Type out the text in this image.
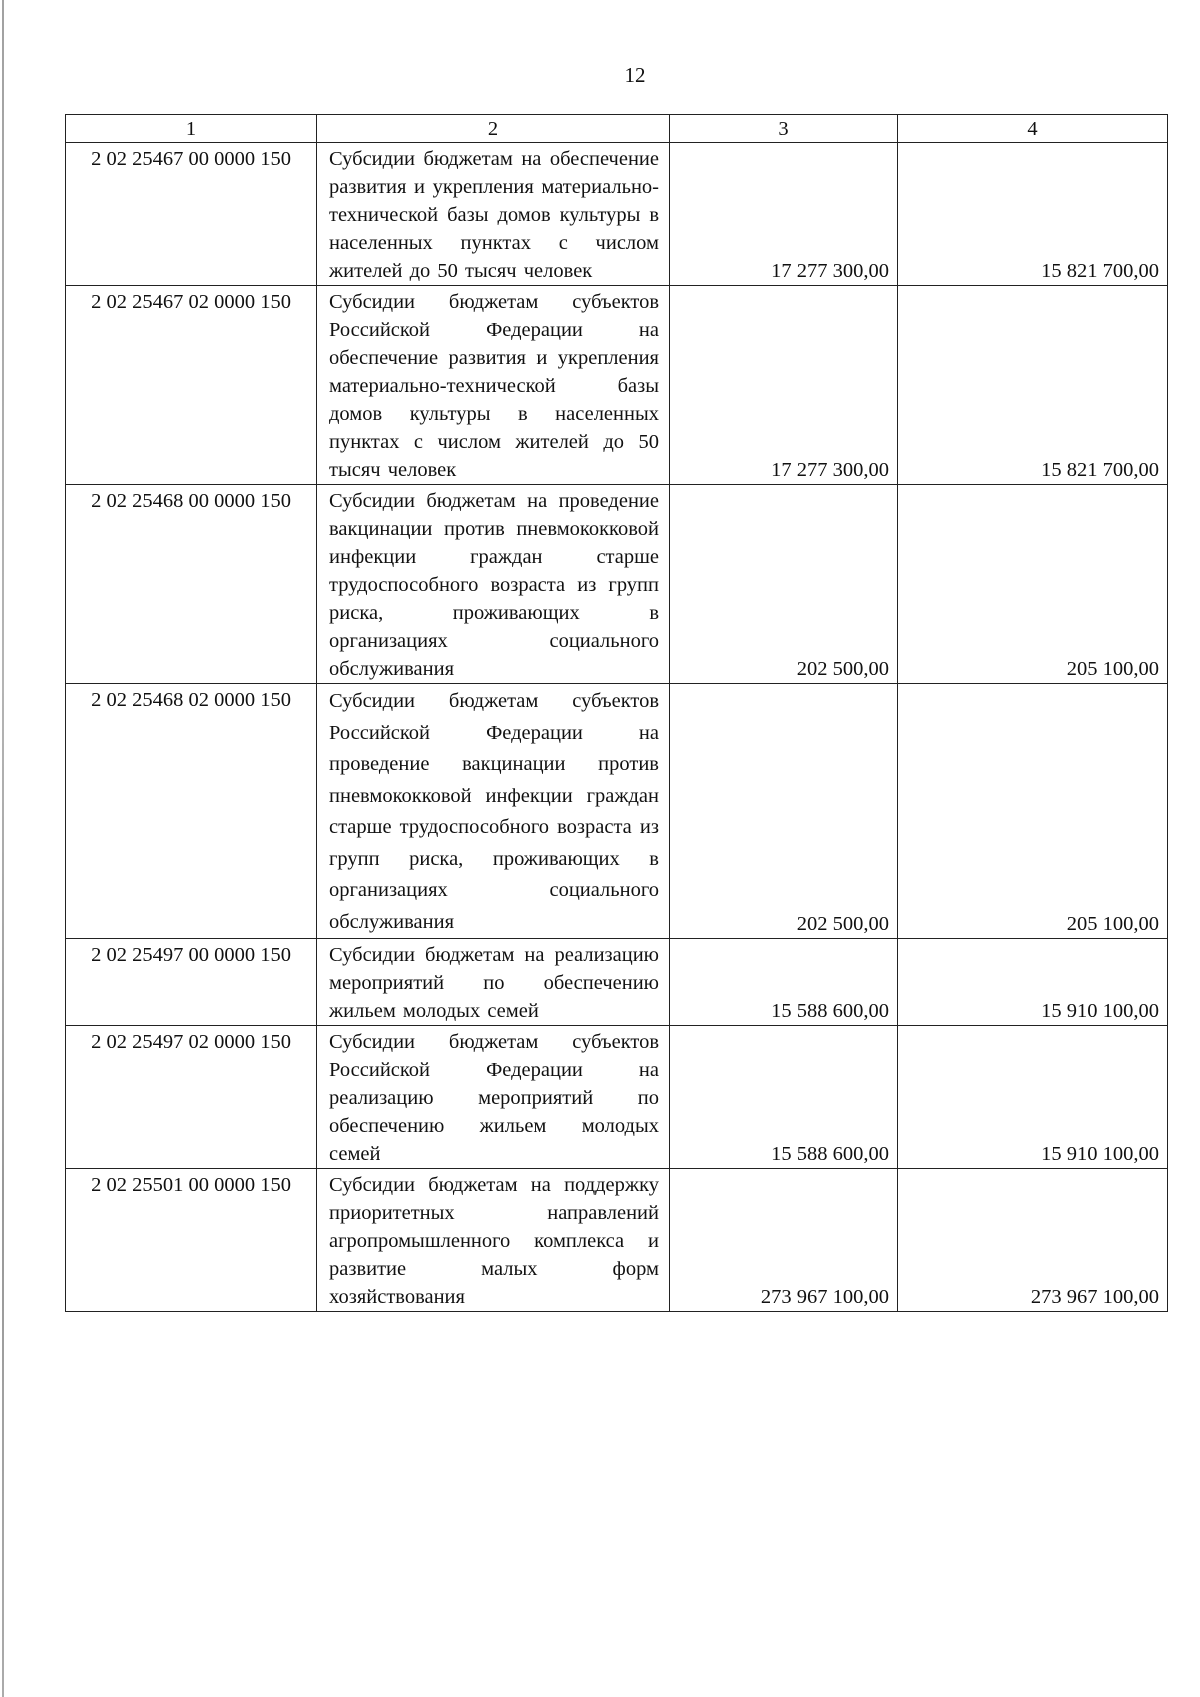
12
1	2	3	4
2 02 25467 00 0000 150	Субсидии бюджетам на обеспечение развития и укрепления материально-технической базы домов культуры в населенных пунктах с числом жителей до 50 тысяч человек	17 277 300,00	15 821 700,00
2 02 25467 02 0000 150	Субсидии бюджетам субъектов Российской Федерации на обеспечение развития и укрепления материально-технической базы домов культуры в населенных пунктах с числом жителей до 50 тысяч человек	17 277 300,00	15 821 700,00
2 02 25468 00 0000 150	Субсидии бюджетам на проведение вакцинации против пневмококковой инфекции граждан старше трудоспособного возраста из групп риска, проживающих в организациях социального обслуживания	202 500,00	205 100,00
2 02 25468 02 0000 150	Субсидии бюджетам субъектов Российской Федерации на проведение вакцинации против пневмококковой инфекции граждан старше трудоспособного возраста из групп риска, проживающих в организациях социального обслуживания	202 500,00	205 100,00
2 02 25497 00 0000 150	Субсидии бюджетам на реализацию мероприятий по обеспечению жильем молодых семей	15 588 600,00	15 910 100,00
2 02 25497 02 0000 150	Субсидии бюджетам субъектов Российской Федерации на реализацию мероприятий по обеспечению жильем молодых семей	15 588 600,00	15 910 100,00
2 02 25501 00 0000 150	Субсидии бюджетам на поддержку приоритетных направлений агропромышленного комплекса и развитие малых форм хозяйствования	273 967 100,00	273 967 100,00
